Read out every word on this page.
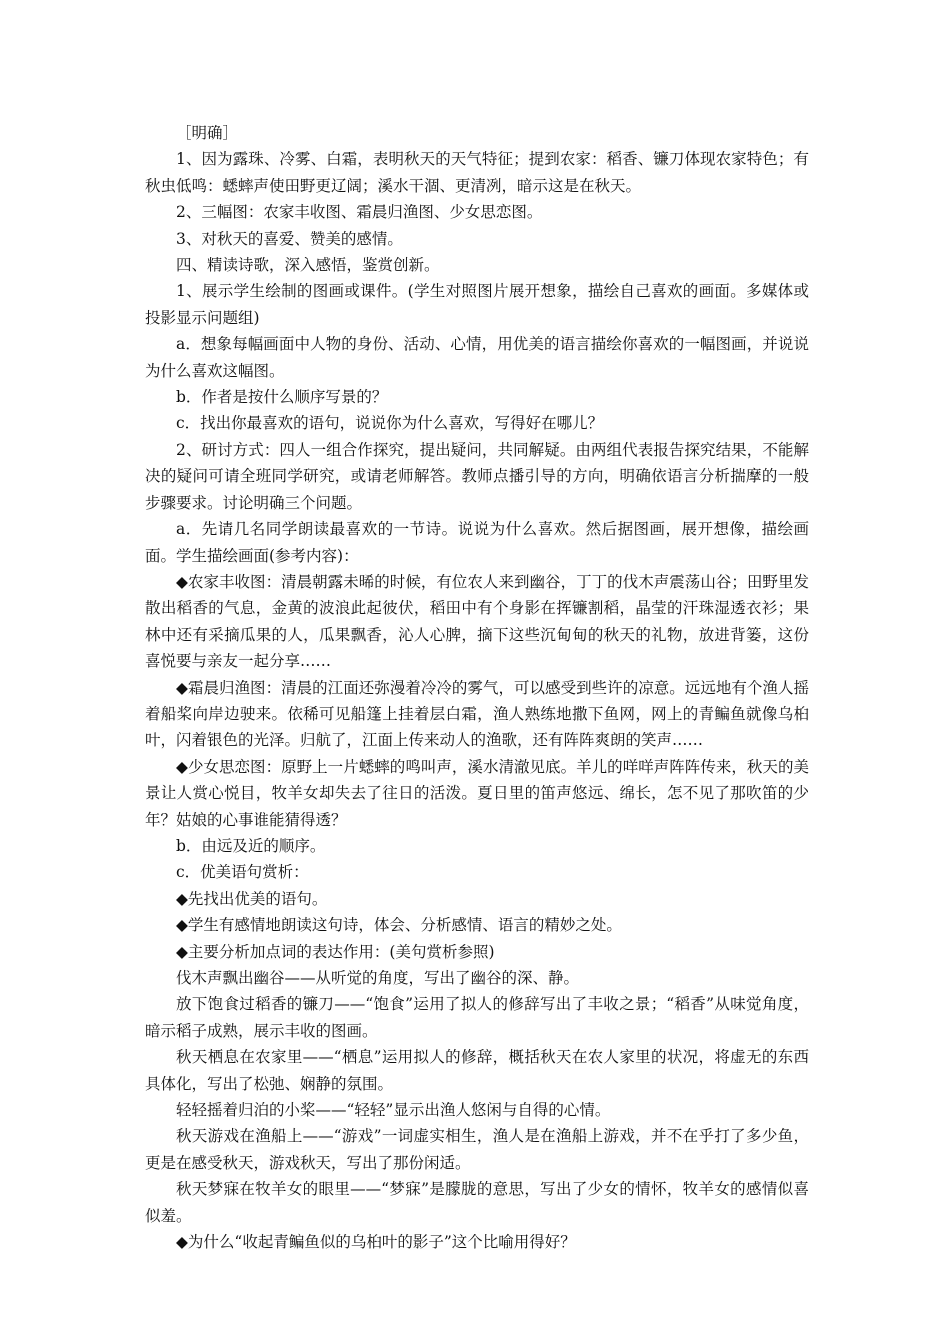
［明确］

1、因为露珠、冷雾、白霜，表明秋天的天气特征；提到农家：稻香、镰刀体现农家特色；有秋虫低鸣：蟋蟀声使田野更辽阔；溪水干涸、更清冽，暗示这是在秋天。

2、三幅图：农家丰收图、霜晨归渔图、少女思恋图。

3、对秋天的喜爱、赞美的感情。

四、精读诗歌，深入感悟，鉴赏创新。

1、展示学生绘制的图画或课件。(学生对照图片展开想象，描绘自己喜欢的画面。多媒体或投影显示问题组)

a．想象每幅画面中人物的身份、活动、心情，用优美的语言描绘你喜欢的一幅图画，并说说为什么喜欢这幅图。

b．作者是按什么顺序写景的？

c．找出你最喜欢的语句，说说你为什么喜欢，写得好在哪儿？

2、研讨方式：四人一组合作探究，提出疑问，共同解疑。由两组代表报告探究结果，不能解决的疑问可请全班同学研究，或请老师解答。教师点播引导的方向，明确依语言分析揣摩的一般步骤要求。讨论明确三个问题。

a．先请几名同学朗读最喜欢的一节诗。说说为什么喜欢。然后据图画，展开想像，描绘画面。学生描绘画面(参考内容)：

◆农家丰收图：清晨朝露未晞的时候，有位农人来到幽谷，丁丁的伐木声震荡山谷；田野里发散出稻香的气息，金黄的波浪此起彼伏，稻田中有个身影在挥镰割稻，晶莹的汗珠湿透衣衫；果林中还有采摘瓜果的人，瓜果飘香，沁人心脾，摘下这些沉甸甸的秋天的礼物，放进背篓，这份喜悦要与亲友一起分享……

◆霜晨归渔图：清晨的江面还弥漫着冷冷的雾气，可以感受到些许的凉意。远远地有个渔人摇着船桨向岸边驶来。依稀可见船篷上挂着层白霜，渔人熟练地撒下鱼网，网上的青鳊鱼就像乌桕叶，闪着银色的光泽。归航了，江面上传来动人的渔歌，还有阵阵爽朗的笑声……

◆少女思恋图：原野上一片蟋蟀的鸣叫声，溪水清澈见底。羊儿的咩咩声阵阵传来，秋天的美景让人赏心悦目，牧羊女却失去了往日的活泼。夏日里的笛声悠远、绵长，怎不见了那吹笛的少年？姑娘的心事谁能猜得透？

b．由远及近的顺序。

c．优美语句赏析：

◆先找出优美的语句。

◆学生有感情地朗读这句诗，体会、分析感情、语言的精妙之处。

◆主要分析加点词的表达作用：(美句赏析参照)

伐木声飘出幽谷——从听觉的角度，写出了幽谷的深、静。

放下饱食过稻香的镰刀——“饱食”运用了拟人的修辞写出了丰收之景；“稻香”从味觉角度，暗示稻子成熟，展示丰收的图画。

秋天栖息在农家里——“栖息”运用拟人的修辞，概括秋天在农人家里的状况，将虚无的东西具体化，写出了松弛、娴静的氛围。

轻轻摇着归泊的小桨——“轻轻”显示出渔人悠闲与自得的心情。

秋天游戏在渔船上——“游戏”一词虚实相生，渔人是在渔船上游戏，并不在乎打了多少鱼，更是在感受秋天，游戏秋天，写出了那份闲适。

秋天梦寐在牧羊女的眼里——“梦寐”是朦胧的意思，写出了少女的情怀，牧羊女的感情似喜似羞。

◆为什么“收起青鳊鱼似的乌桕叶的影子”这个比喻用得好？
